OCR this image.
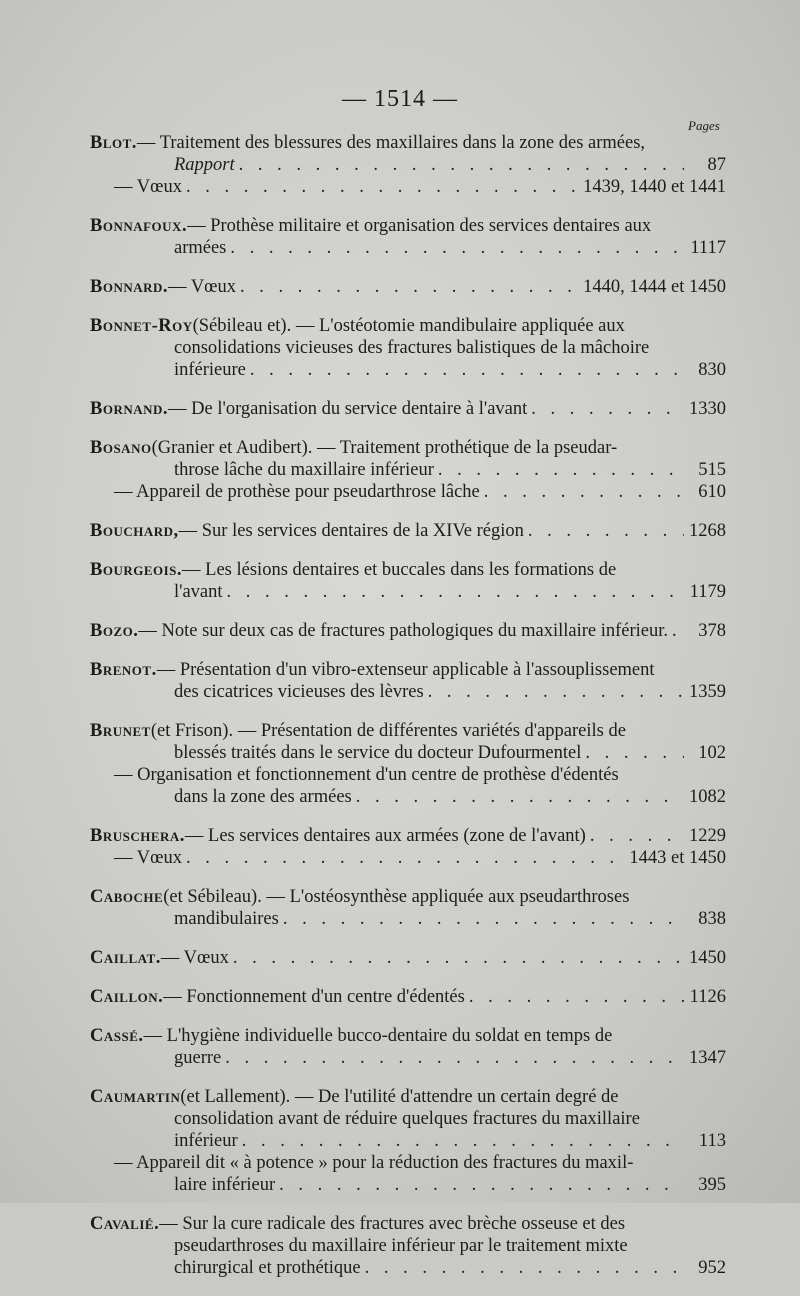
— 1514 —
Pages
Blot. — Traitement des blessures des maxillaires dans la zone des armées,
Rapport . . .	87
— Vœux . . .	1439, 1440 et 1441
Bonnafoux. — Prothèse militaire et organisation des services dentaires aux
armées . . .	1117
Bonnard. — Vœux . . .	1440, 1444 et 1450
Bonnet-Roy (Sébileau et). — L'ostéotomie mandibulaire appliquée aux
consolidations vicieuses des fractures balistiques de la mâchoire
inférieure . . .	830
Bornand. — De l'organisation du service dentaire à l'avant . . .	1330
Bosano (Granier et Audibert). — Traitement prothétique de la pseudar-
throse lâche du maxillaire inférieur . . .	515
— Appareil de prothèse pour pseudarthrose lâche . . .	610
Bouchard, — Sur les services dentaires de la XIVe région . . .	1268
Bourgeois. — Les lésions dentaires et buccales dans les formations de
l'avant . . .	1179
Bozo. — Note sur deux cas de fractures pathologiques du maxillaire inférieur. . . .	378
Brenot. — Présentation d'un vibro-extenseur applicable à l'assouplissement
des cicatrices vicieuses des lèvres . . .	1359
Brunet (et Frison). — Présentation de différentes variétés d'appareils de
blessés traités dans le service du docteur Dufourmentel . . .	102
— Organisation et fonctionnement d'un centre de prothèse d'édentés
dans la zone des armées . . .	1082
Bruschera. — Les services dentaires aux armées (zone de l'avant) . . .	1229
— Vœux . . .	1443 et 1450
Caboche (et Sébileau). — L'ostéosynthèse appliquée aux pseudarthroses
mandibulaires . . .	838
Caillat. — Vœux . . .	1450
Caillon. — Fonctionnement d'un centre d'édentés . . .	1126
Cassé. — L'hygiène individuelle bucco-dentaire du soldat en temps de
guerre . . .	1347
Caumartin (et Lallement). — De l'utilité d'attendre un certain degré de
consolidation avant de réduire quelques fractures du maxillaire
inférieur . . .	113
— Appareil dit « à potence » pour la réduction des fractures du maxil-
laire inférieur . . .	395
Cavalié. — Sur la cure radicale des fractures avec brèche osseuse et des
pseudarthroses du maxillaire inférieur par le traitement mixte
chirurgical et prothétique . . .	952
